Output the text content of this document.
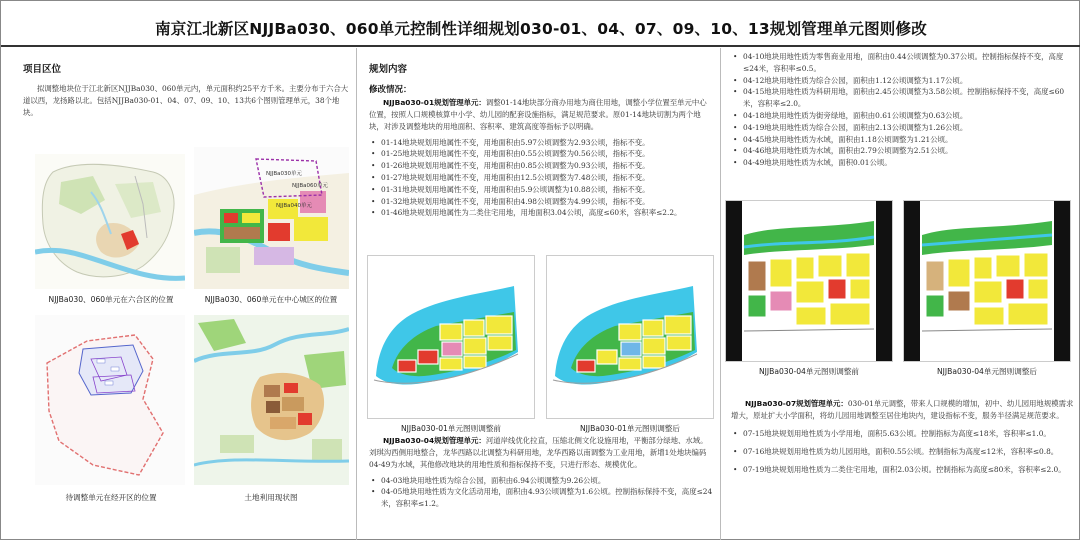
南京江北新区NJJBa030、060单元控制性详细规划030-01、04、07、09、10、13规划管理单元图则修改
项目区位
拟调整地块位于江北新区NJJBa030、060单元内，单元面积约25平方千米。主要分布于六合大道以西，龙扬路以北。包括NJJBa030-01、04、07、09、10、13共6个图则管理单元，38个地块。
NJJBa030、060单元在六合区的位置
NJJBa030单元
NJJBa060单元
NJJBa040单元
NJJBa030、060单元在中心城区的位置
待调整单元在经开区的位置	土地利用现状图
规划内容
修改情况：
NJJBa030-01规划管理单元：调整01-14地块部分商办用地为商住用地，调整小学位置至单元中心位置，按照人口规模核算中小学、幼儿园的配套设施指标，满足规范要求。原01-14地块切割为两个地块，对涉及调整地块的用地面积、容积率、建筑高度等指标予以明确。
• 01-14地块规划用地属性不变，用地面积由5.97公顷调整为2.93公顷，指标不变。
• 01-25地块规划用地属性不变，用地面积由0.55公顷调整为0.56公顷，指标不变。
• 01-26地块规划用地属性不变，用地面积由0.85公顷调整为0.93公顷，指标不变。
• 01-27地块规划用地属性不变，用地面积由12.5公顷调整为7.48公顷，指标不变。
• 01-31地块规划用地属性不变，用地面积由5.9公顷调整为10.88公顷，指标不变。
• 01-32地块规划用地属性不变，用地面积由4.98公顷调整为4.99公顷，指标不变。
• 01-46地块规划用地属性为二类住宅用地，用地面积3.04公顷，高度≤60米，容积率≤2.2。
NJJBa030-01单元图则调整前	NJJBa030-01单元图则调整后
NJJBa030-04规划管理单元：河道岸线优化拉直，压缩北侧文化设施用地，平衡部分绿地、水域。刘琪沟西侧用地整合，龙华西路以北调整为科研用地，龙华西路以南调整为工业用地，新增1处地块编码04-49为水域，其他修改地块的用地性质和指标保持不变，只进行形态、规模优化。
• 04-03地块用地性质为综合公园，面积由6.94公顷调整为9.26公顷。
• 04-05地块用地性质为文化活动用地，面积由4.93公顷调整为1.6公顷。控制指标保持不变，高度≤24米，容积率≤1.2。
• 04-10地块用地性质为零售商业用地，面积由0.44公顷调整为0.37公顷。控制指标保持不变，高度≤24米，容积率≤0.5。
• 04-12地块用地性质为综合公园，面积由1.12公顷调整为1.17公顷。
• 04-15地块用地性质为科研用地，面积由2.45公顷调整为3.58公顷。控制指标保持不变，高度≤60米，容积率≤2.0。
• 04-18地块用地性质为街旁绿地，面积由0.61公顷调整为0.63公顷。
• 04-19地块用地性质为综合公园，面积由2.13公顷调整为1.26公顷。
• 04-45地块用地性质为水域，面积由1.18公顷调整为1.21公顷。
• 04-46地块用地性质为水域，面积由2.79公顷调整为2.51公顷。
• 04-49地块用地性质为水域，面积0.01公顷。
NJJBa030-04单元图则调整前	NJJBa030-04单元图则调整后
NJJBa030-07规划管理单元：030-01单元调整，带来人口规模的增加，初中、幼儿园用地规模需求增大，原址扩大小学面积，将幼儿园用地调整至居住地块内，建设指标不变，服务半径满足规范要求。
• 07-15地块规划用地性质为小学用地，面积5.63公顷。控制指标为高度≤18米，容积率≤1.0。
• 07-16地块规划用地性质为幼儿园用地，面积0.55公顷。控制指标为高度≤12米，容积率≤0.8。
• 07-19地块规划用地性质为二类住宅用地，面积2.03公顷。控制指标为高度≤80米，容积率≤2.0。
